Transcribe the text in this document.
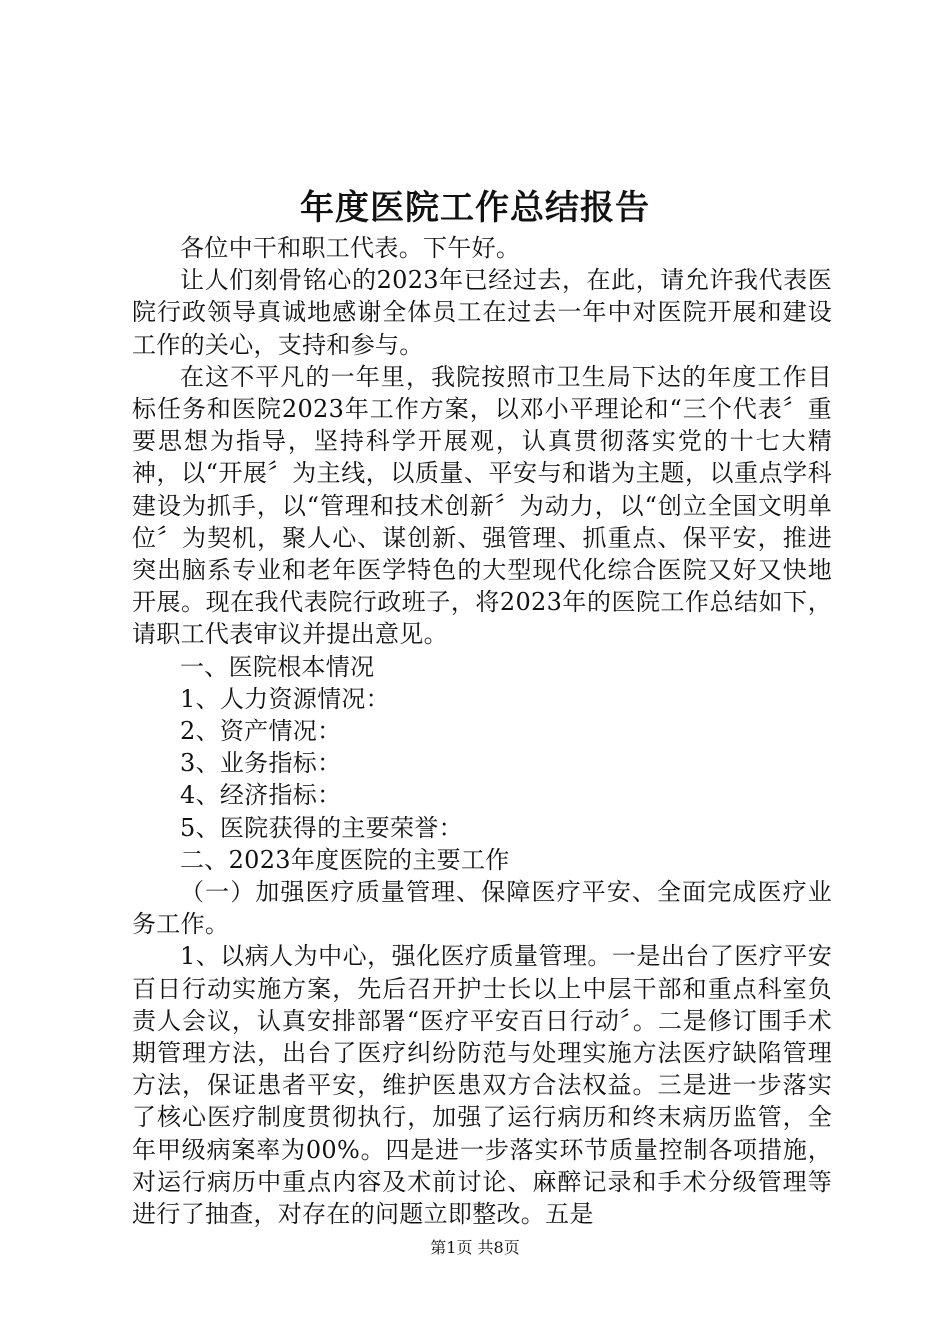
年度医院工作总结报告

各位中干和职工代表。下午好。

让人们刻骨铭心的2023年已经过去，在此，请允许我代表医院行政领导真诚地感谢全体员工在过去一年中对医院开展和建设工作的关心，支持和参与。

在这不平凡的一年里，我院按照市卫生局下达的年度工作目标任务和医院2023年工作方案，以邓小平理论和“三个代表〞重要思想为指导，坚持科学开展观，认真贯彻落实党的十七大精神，以“开展〞为主线，以质量、平安与和谐为主题，以重点学科建设为抓手，以“管理和技术创新〞为动力，以“创立全国文明单位〞为契机，聚人心、谋创新、强管理、抓重点、保平安，推进突出脑系专业和老年医学特色的大型现代化综合医院又好又快地开展。现在我代表院行政班子，将2023年的医院工作总结如下，请职工代表审议并提出意见。

一、医院根本情况

1、人力资源情况：

2、资产情况：

3、业务指标：

4、经济指标：

5、医院获得的主要荣誉：

二、2023年度医院的主要工作

（一）加强医疗质量管理、保障医疗平安、全面完成医疗业务工作。

1、以病人为中心，强化医疗质量管理。一是出台了医疗平安百日行动实施方案，先后召开护士长以上中层干部和重点科室负责人会议，认真安排部署“医疗平安百日行动〞。二是修订围手术期管理方法，出台了医疗纠纷防范与处理实施方法医疗缺陷管理方法，保证患者平安，维护医患双方合法权益。三是进一步落实了核心医疗制度贯彻执行，加强了运行病历和终末病历监管，全年甲级病案率为00%。四是进一步落实环节质量控制各项措施，对运行病历中重点内容及术前讨论、麻醉记录和手术分级管理等进行了抽查，对存在的问题立即整改。五是

第1页 共8页
